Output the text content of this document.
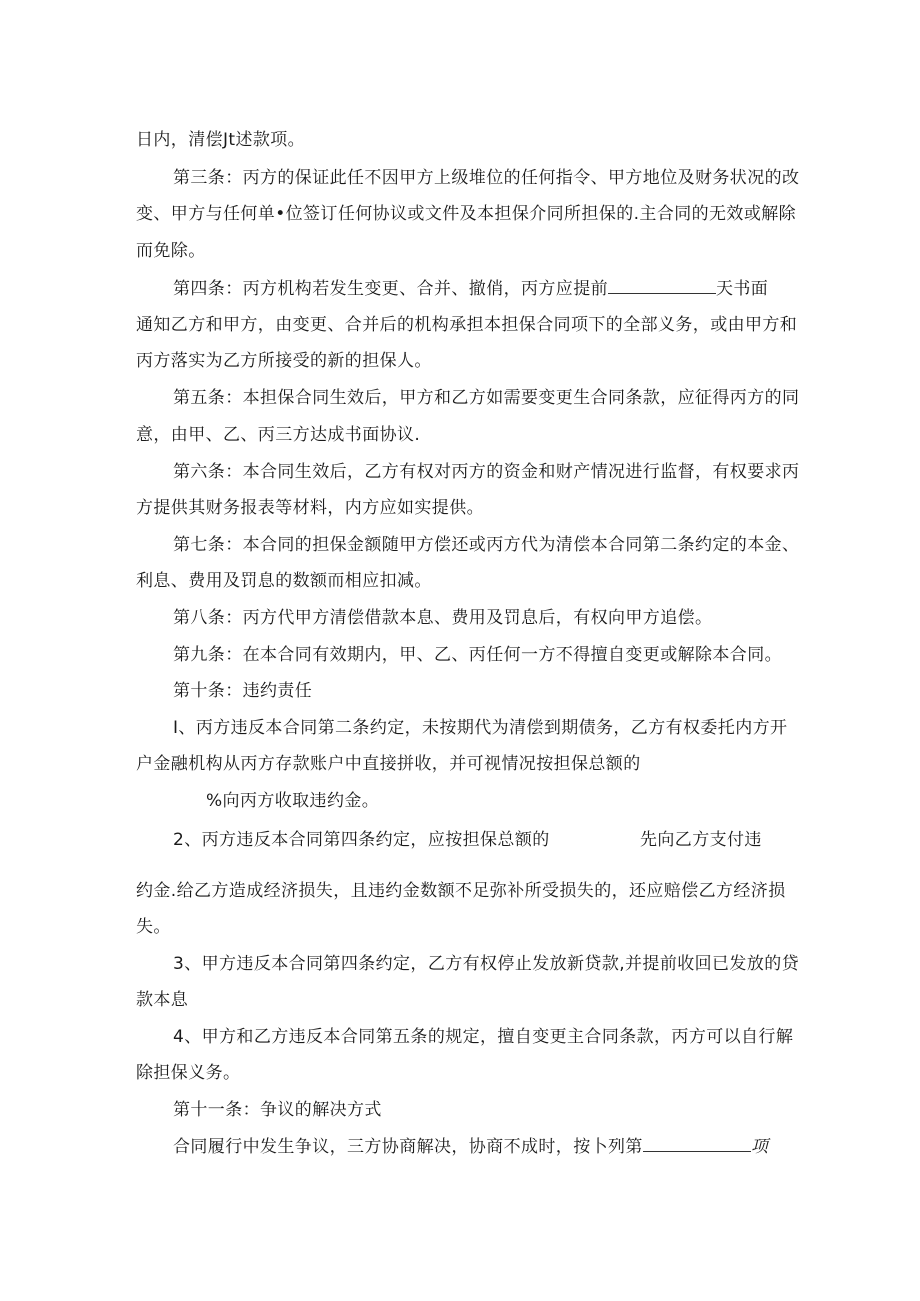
日内，清偿Jt述款项。
第三条：丙方的保证此任不因甲方上级堆位的任何指令、甲方地位及财务状况的改
变、甲方与任何单•位签订任何协议或文件及本担保介同所担保的.主合同的无效或解除
而免除。
第四条：丙方机构若发生变更、合并、撤俏，丙方应提前	天书面
通知乙方和甲方，由变更、合并后的机构承担本担保合同项下的全部义务，或由甲方和
丙方落实为乙方所接受的新的担保人。
第五条：本担保合同生效后，甲方和乙方如需要变更生合同条款，应征得丙方的同
意，由甲、乙、丙三方达成书面协议.
第六条：本合同生效后，乙方有权对丙方的资金和财产情况进行监督，有权要求丙
方提供其财务报表等材料，内方应如实提供。
第七条：本合同的担保金额随甲方偿还或丙方代为清偿本合同第二条约定的本金、
利息、费用及罚息的数额而相应扣减。
第八条：丙方代甲方清偿借款本息、费用及罚息后，有权向甲方追偿。
第九条：在本合同有效期内，甲、乙、丙任何一方不得擅自变更或解除本合同。
第十条：违约责任
I、丙方违反本合同第二条约定，未按期代为清偿到期债务，乙方有权委托内方开
户金融机构从丙方存款账户中直接拼收，并可视情况按担保总额的
%向丙方收取违约金。
2、丙方违反本合同第四条约定，应按担保总额的	先向乙方支付违
约金.给乙方造成经济损失，且违约金数额不足弥补所受损失的，还应赔偿乙方经济损
失。
3、甲方违反本合同第四条约定，乙方有权停止发放新贷款,并提前收回已发放的贷
款本息
4、甲方和乙方违反本合同第五条的规定，擅自变更主合同条款，丙方可以自行解
除担保义务。
第十一条：争议的解决方式
合同履行中发生争议，三方协商解决，协商不成时，按卜列第	项
